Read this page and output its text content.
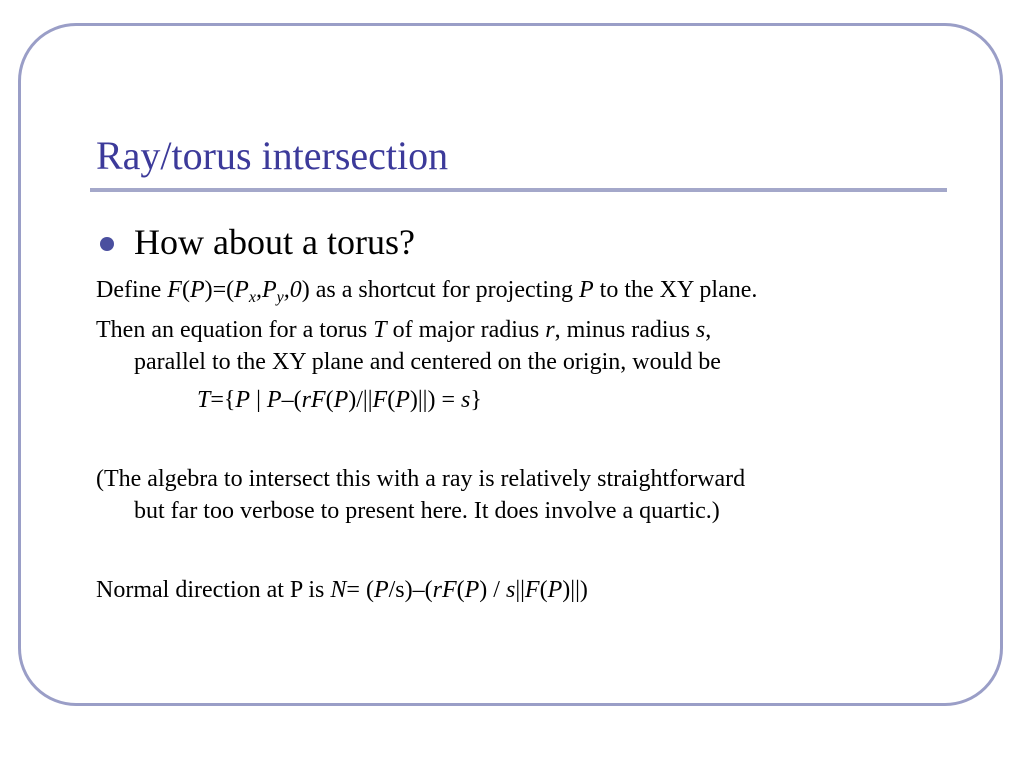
Ray/torus intersection
How about a torus?
Define $F(P)=(P_x,P_y,0)$ as a shortcut for projecting P to the XY plane.
Then an equation for a torus T of major radius r, minus radius s,
parallel to the XY plane and centered on the origin, would be
T={P | P–(rF(P)/||F(P)||) = s}
(The algebra to intersect this with a ray is relatively straightforward
but far too verbose to present here. It does involve a quartic.)
Normal direction at P is N= (P/s)–(rF(P) / s||F(P)||)
